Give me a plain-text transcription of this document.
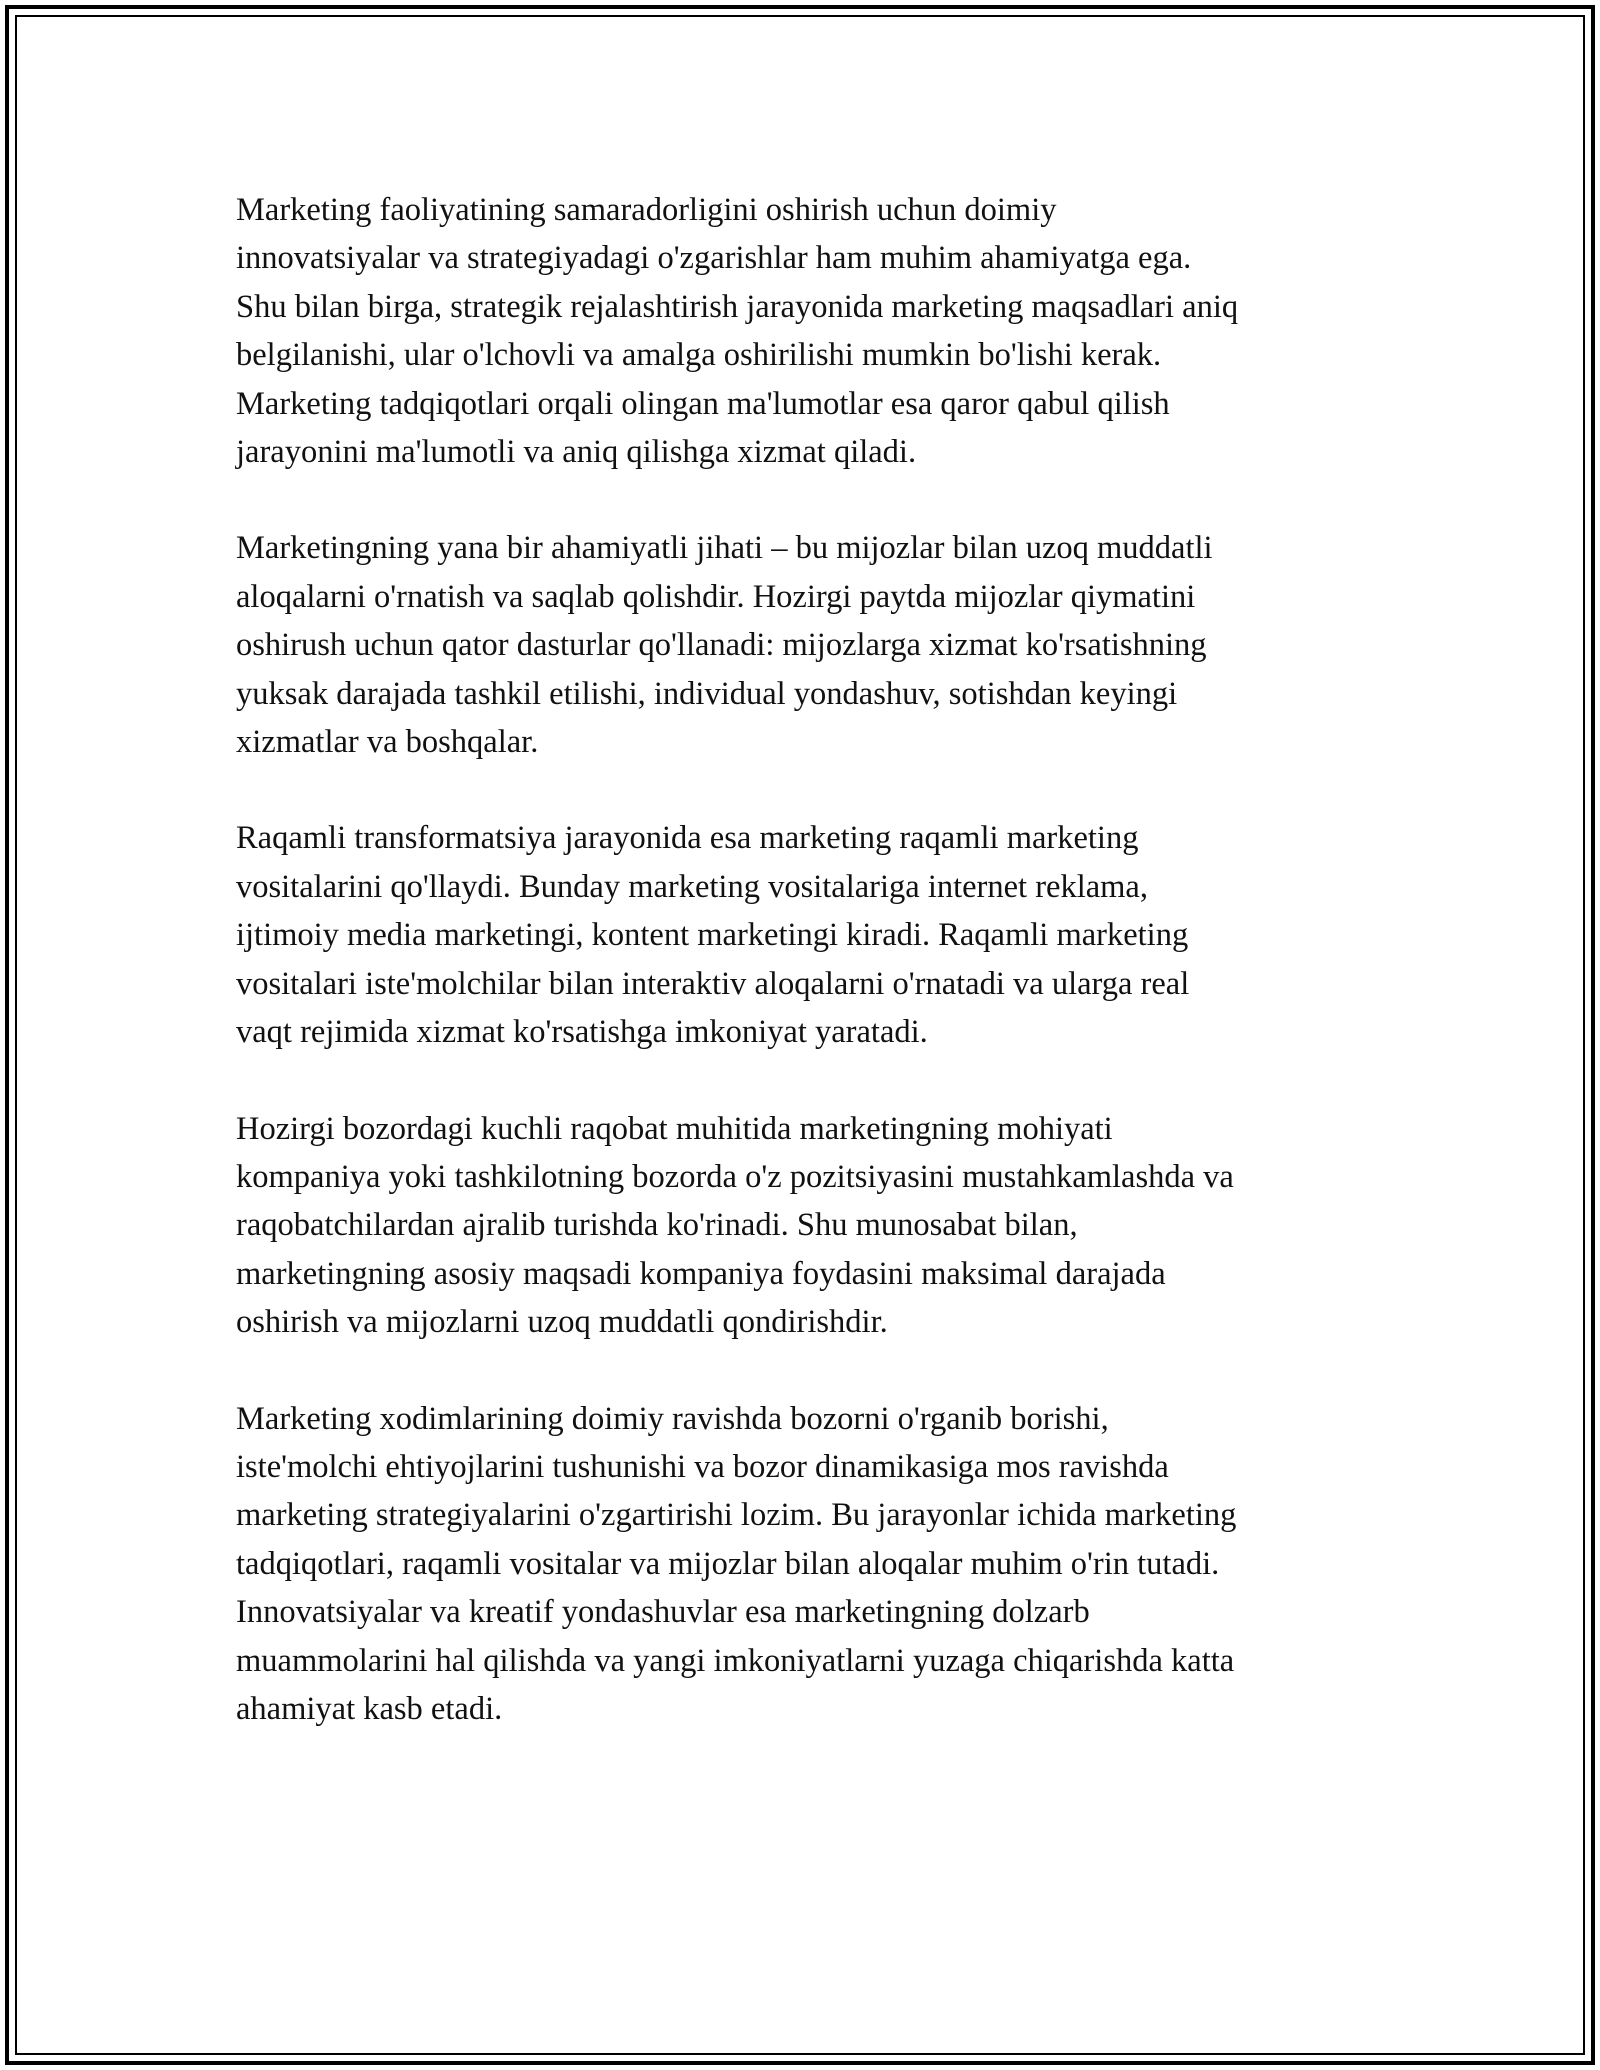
Marketing faoliyatining samaradorligini oshirish uchun doimiy
innovatsiyalar va strategiyadagi o'zgarishlar ham muhim ahamiyatga ega.
Shu bilan birga, strategik rejalashtirish jarayonida marketing maqsadlari aniq
belgilanishi, ular o'lchovli va amalga oshirilishi mumkin bo'lishi kerak.
Marketing tadqiqotlari orqali olingan ma'lumotlar esa qaror qabul qilish
jarayonini ma'lumotli va aniq qilishga xizmat qiladi.

Marketingning yana bir ahamiyatli jihati – bu mijozlar bilan uzoq muddatli
aloqalarni o'rnatish va saqlab qolishdir. Hozirgi paytda mijozlar qiymatini
oshirush uchun qator dasturlar qo'llanadi: mijozlarga xizmat ko'rsatishning
yuksak darajada tashkil etilishi, individual yondashuv, sotishdan keyingi
xizmatlar va boshqalar.

Raqamli transformatsiya jarayonida esa marketing raqamli marketing
vositalarini qo'llaydi. Bunday marketing vositalariga internet reklama,
ijtimoiy media marketingi, kontent marketingi kiradi. Raqamli marketing
vositalari iste'molchilar bilan interaktiv aloqalarni o'rnatadi va ularga real
vaqt rejimida xizmat ko'rsatishga imkoniyat yaratadi.

Hozirgi bozordagi kuchli raqobat muhitida marketingning mohiyati
kompaniya yoki tashkilotning bozorda o'z pozitsiyasini mustahkamlashda va
raqobatchilardan ajralib turishda ko'rinadi. Shu munosabat bilan,
marketingning asosiy maqsadi kompaniya foydasini maksimal darajada
oshirish va mijozlarni uzoq muddatli qondirishdir.

Marketing xodimlarining doimiy ravishda bozorni o'rganib borishi,
iste'molchi ehtiyojlarini tushunishi va bozor dinamikasiga mos ravishda
marketing strategiyalarini o'zgartirishi lozim. Bu jarayonlar ichida marketing
tadqiqotlari, raqamli vositalar va mijozlar bilan aloqalar muhim o'rin tutadi.
Innovatsiyalar va kreatif yondashuvlar esa marketingning dolzarb
muammolarini hal qilishda va yangi imkoniyatlarni yuzaga chiqarishda katta
ahamiyat kasb etadi.
